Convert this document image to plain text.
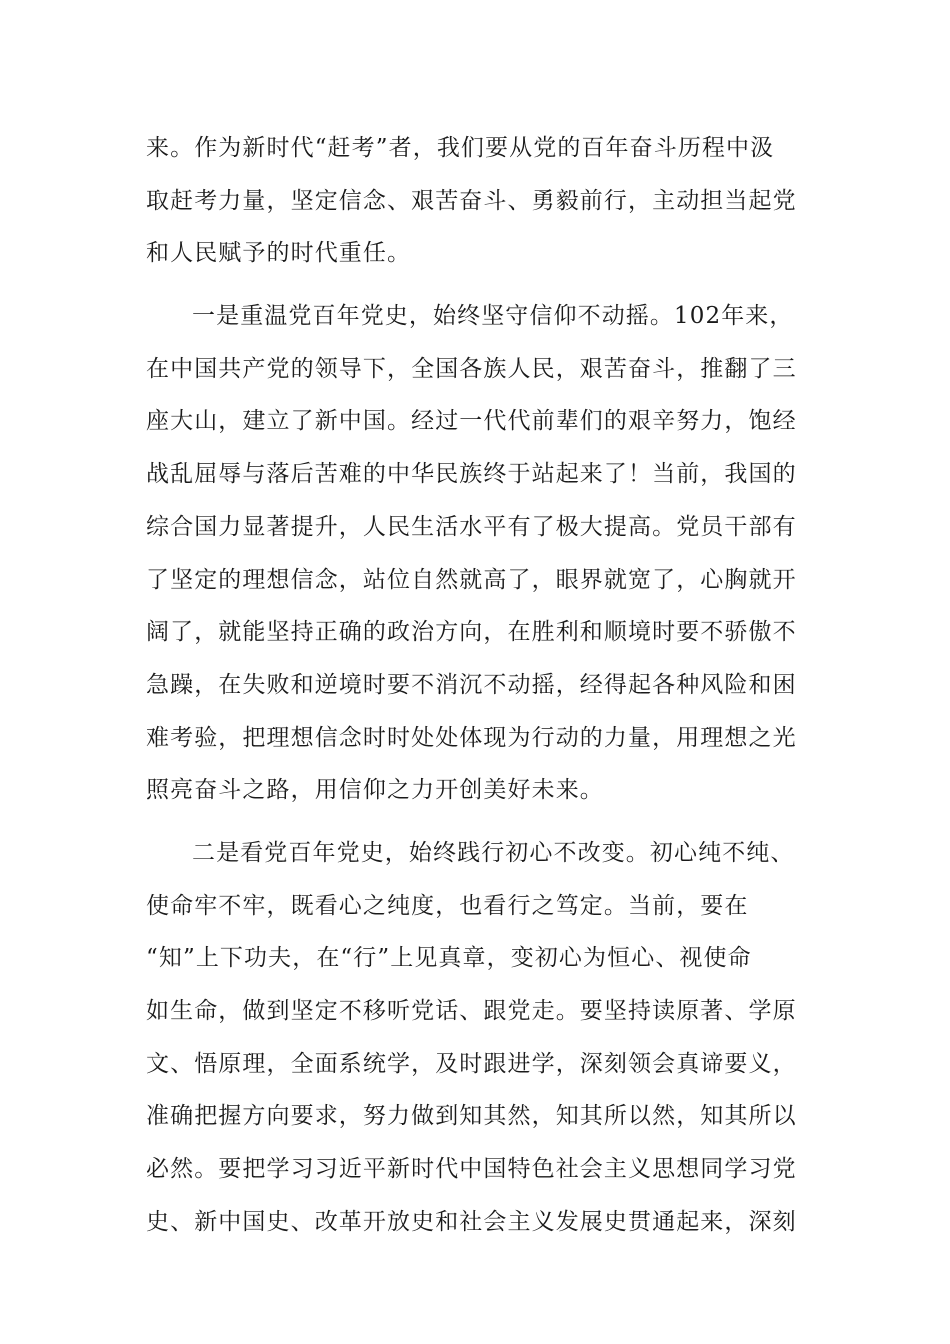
来。作为新时代“赶考”者，我们要从党的百年奋斗历程中汲
取赶考力量，坚定信念、艰苦奋斗、勇毅前行，主动担当起党
和人民赋予的时代重任。
一是重温党百年党史，始终坚守信仰不动摇。102年来，
在中国共产党的领导下，全国各族人民，艰苦奋斗，推翻了三
座大山，建立了新中国。经过一代代前辈们的艰辛努力，饱经
战乱屈辱与落后苦难的中华民族终于站起来了！当前，我国的
综合国力显著提升，人民生活水平有了极大提高。党员干部有
了坚定的理想信念，站位自然就高了，眼界就宽了，心胸就开
阔了，就能坚持正确的政治方向，在胜利和顺境时要不骄傲不
急躁，在失败和逆境时要不消沉不动摇，经得起各种风险和困
难考验，把理想信念时时处处体现为行动的力量，用理想之光
照亮奋斗之路，用信仰之力开创美好未来。
二是看党百年党史，始终践行初心不改变。初心纯不纯、
使命牢不牢，既看心之纯度，也看行之笃定。当前，要在
“知”上下功夫，在“行”上见真章，变初心为恒心、视使命
如生命，做到坚定不移听党话、跟党走。要坚持读原著、学原
文、悟原理，全面系统学，及时跟进学，深刻领会真谛要义，
准确把握方向要求，努力做到知其然，知其所以然，知其所以
必然。要把学习习近平新时代中国特色社会主义思想同学习党
史、新中国史、改革开放史和社会主义发展史贯通起来，深刻
